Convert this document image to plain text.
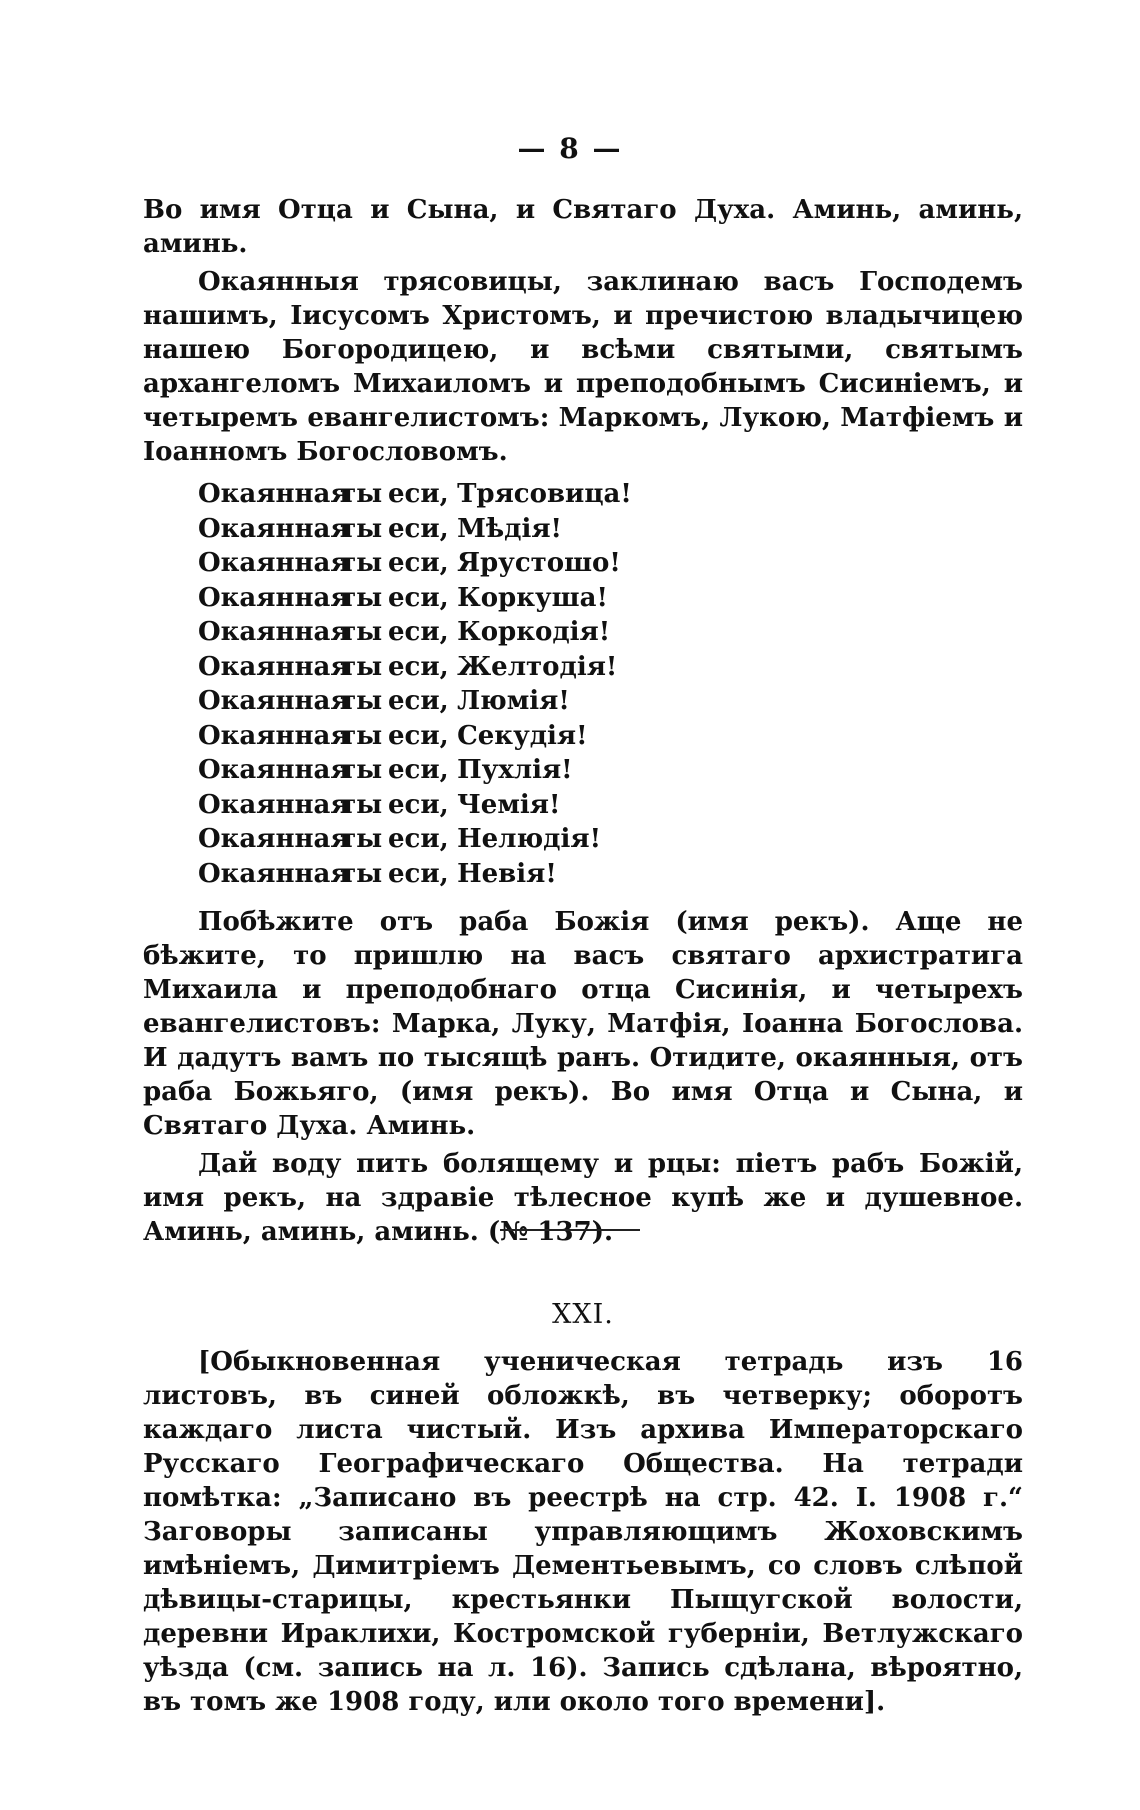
— 8 —

Во имя Отца и Сына, и Святаго Духа. Аминь, аминь, аминь.

Окаянныя трясовицы, заклинаю васъ Господемъ нашимъ, Іисусомъ Христомъ, и пречистою владычицею нашею Богородицею, и всѣми святыми, святымъ архангеломъ Михаиломъ и преподобнымъ Сисиніемъ, и четыремъ евангелистомъ: Маркомъ, Лукою, Матфіемъ и Іоанномъ Богословомъ.

Окаяннаяты еси, Трясовица!
Окаяннаяты еси, Мѣдія!
Окаяннаяты еси, Ярустошо!
Окаяннаяты еси, Коркуша!
Окаяннаяты еси, Коркодія!
Окаяннаяты еси, Желтодія!
Окаяннаяты еси, Люмія!
Окаяннаяты еси, Секудія!
Окаяннаяты еси, Пухлія!
Окаяннаяты еси, Чемія!
Окаяннаяты еси, Нелюдія!
Окаяннаяты еси, Невія!

Побѣжите отъ раба Божія (имя рекъ). Аще не бѣжите, то пришлю на васъ святаго архистратига Михаила и преподобнаго отца Сисинія, и четырехъ евангелистовъ: Марка, Луку, Матфія, Іоанна Богослова. И дадутъ вамъ по тысящѣ ранъ. Отидите, окаянныя, отъ раба Божьяго, (имя рекъ). Во имя Отца и Сына, и Святаго Духа. Аминь.

Дай воду пить болящему и рцы: піетъ рабъ Божій, имя рекъ, на здравіе тѣлесное купѣ же и душевное. Аминь, аминь, аминь. (№ 137).

XXI.

[Обыкновенная ученическая тетрадь изъ 16 листовъ, въ синей обложкѣ, въ четверку; оборотъ каждаго листа чистый. Изъ архива Императорскаго Русскаго Географическаго Общества. На тетради помѣтка: „Записано въ реестрѣ на стр. 42. I. 1908 г.“ Заговоры записаны управляющимъ Жоховскимъ имѣніемъ, Димитріемъ Дементьевымъ, со словъ слѣпой дѣвицы-старицы, крестьянки Пыщугской волости, деревни Ираклихи, Костромской губерніи, Ветлужскаго уѣзда (см. запись на л. 16). Запись сдѣлана, вѣроятно, въ томъ же 1908 году, или около того времени].
